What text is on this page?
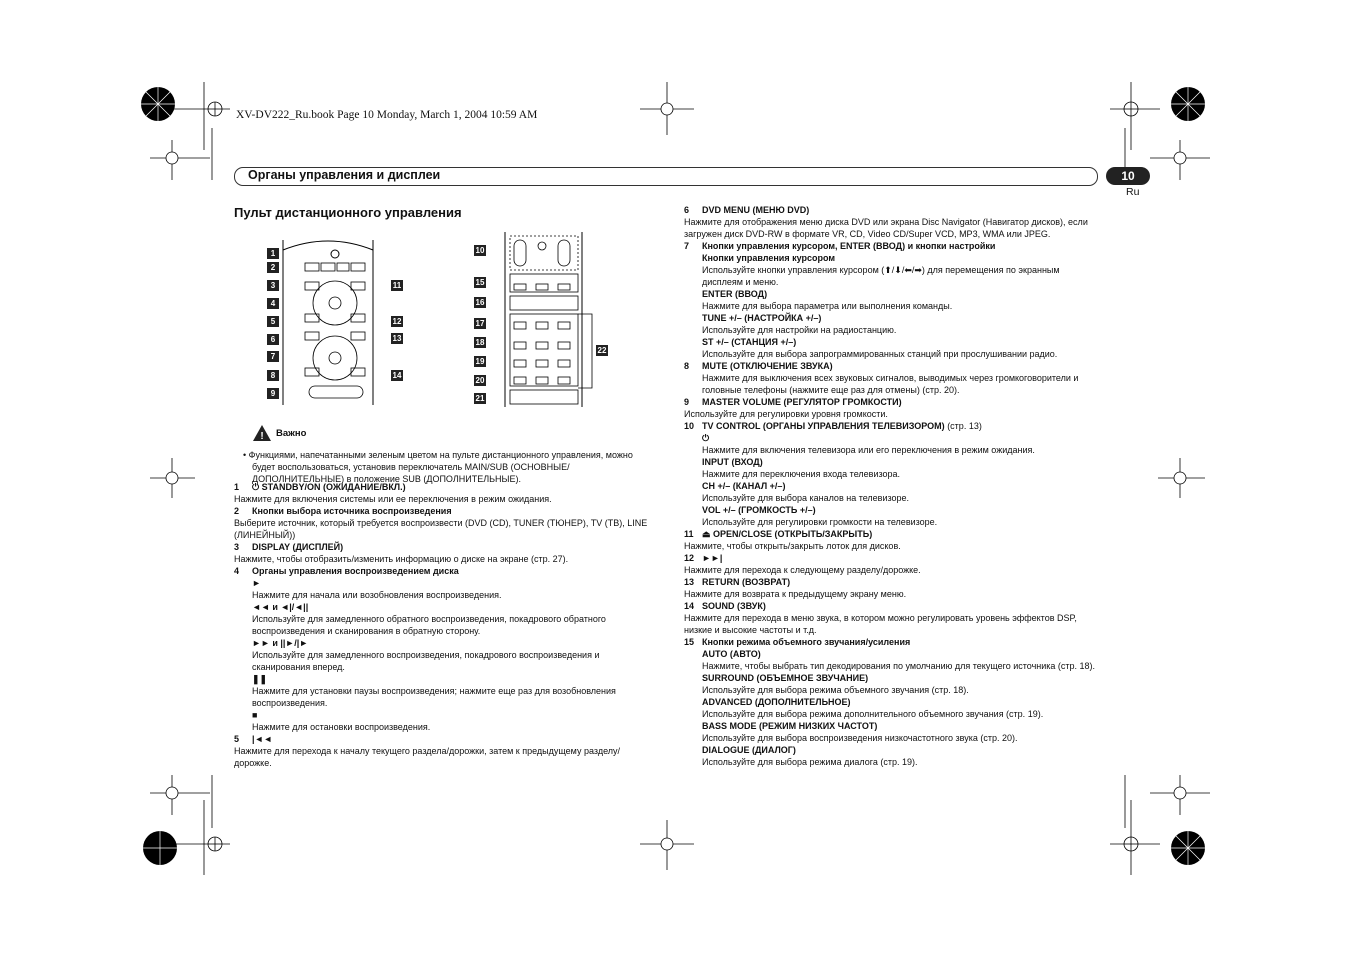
XV-DV222_Ru.book Page 10 Monday, March 1, 2004 10:59 AM
Органы управления и дисплеи	10
Ru
Пульт дистанционного управления
1
2
3
4
5
6
7
8
9
11
12
13
14
10
15
16
17
18
19
20
21
22
! Важно
• Функциями, напечатанными зеленым цветом на пульте дистанционного управления, можно
будет воспользоваться, установив переключатель MAIN/SUB (ОСНОВНЫЕ/
ДОПОЛНИТЕЛЬНЫЕ) в положение SUB (ДОПОЛНИТЕЛЬНЫЕ).
1 ⏻ STANDBY/ON (ОЖИДАНИЕ/ВКЛ.)
Нажмите для включения системы или ее переключения в режим ожидания.
2 Кнопки выбора источника воспроизведения
Выберите источник, который требуется воспроизвести (DVD (CD), TUNER (ТЮНЕР), TV (ТВ), LINE
(ЛИНЕЙНЫЙ))
3 DISPLAY (ДИСПЛЕЙ)
Нажмите, чтобы отобразить/изменить информацию о диске на экране (стр. 27).
4 Органы управления воспроизведением диска
►
Нажмите для начала или возобновления воспроизведения.
◄◄ и ◄|/◄||
Используйте для замедленного обратного воспроизведения, покадрового обратного
воспроизведения и сканирования в обратную сторону.
►► и ||►/|►
Используйте для замедленного воспроизведения, покадрового воспроизведения и
сканирования вперед.
❚❚
Нажмите для установки паузы воспроизведения; нажмите еще раз для возобновления
воспроизведения.
■
Нажмите для остановки воспроизведения.
5 |◄◄
Нажмите для перехода к началу текущего раздела/дорожки, затем к предыдущему разделу/
дорожке.
6 DVD MENU (МЕНЮ DVD)
Нажмите для отображения меню диска DVD или экрана Disc Navigator (Навигатор дисков), если
загружен диск DVD-RW в формате VR, CD, Video CD/Super VCD, MP3, WMA или JPEG.
7 Кнопки управления курсором, ENTER (ВВОД) и кнопки настройки
Кнопки управления курсором
Используйте кнопки управления курсором (⬆/⬇/⬅/➡) для перемещения по экранным
дисплеям и меню.
ENTER (ВВОД)
Нажмите для выбора параметра или выполнения команды.
TUNE +/– (НАСТРОЙКА +/–)
Используйте для настройки на радиостанцию.
ST +/– (СТАНЦИЯ +/–)
Используйте для выбора запрограммированных станций при прослушивании радио.
8 MUTE (ОТКЛЮЧЕНИЕ ЗВУКА)
Нажмите для выключения всех звуковых сигналов, выводимых через громкоговорители и
головные телефоны (нажмите еще раз для отмены) (стр. 20).
9 MASTER VOLUME (РЕГУЛЯТОР ГРОМКОСТИ)
Используйте для регулировки уровня громкости.
10 TV CONTROL (ОРГАНЫ УПРАВЛЕНИЯ ТЕЛЕВИЗОРОМ) (стр. 13)
⏻
Нажмите для включения телевизора или его переключения в режим ожидания.
INPUT (ВХОД)
Нажмите для переключения входа телевизора.
CH +/– (КАНАЛ +/–)
Используйте для выбора каналов на телевизоре.
VOL +/– (ГРОМКОСТЬ +/–)
Используйте для регулировки громкости на телевизоре.
11 ⏏ OPEN/CLOSE (ОТКРЫТЬ/ЗАКРЫТЬ)
Нажмите, чтобы открыть/закрыть лоток для дисков.
12 ►►|
Нажмите для перехода к следующему разделу/дорожке.
13 RETURN (ВОЗВРАТ)
Нажмите для возврата к предыдущему экрану меню.
14 SOUND (ЗВУК)
Нажмите для перехода в меню звука, в котором можно регулировать уровень эффектов DSP,
низкие и высокие частоты и т.д.
15 Кнопки режима объемного звучания/усиления
AUTO (АВТО)
Нажмите, чтобы выбрать тип декодирования по умолчанию для текущего источника (стр. 18).
SURROUND (ОБЪЕМНОЕ ЗВУЧАНИЕ)
Используйте для выбора режима объемного звучания (стр. 18).
ADVANCED (ДОПОЛНИТЕЛЬНОЕ)
Используйте для выбора режима дополнительного объемного звучания (стр. 19).
BASS MODE (РЕЖИМ НИЗКИХ ЧАСТОТ)
Используйте для выбора воспроизведения низкочастотного звука (стр. 20).
DIALOGUE (ДИАЛОГ)
Используйте для выбора режима диалога (стр. 19).
